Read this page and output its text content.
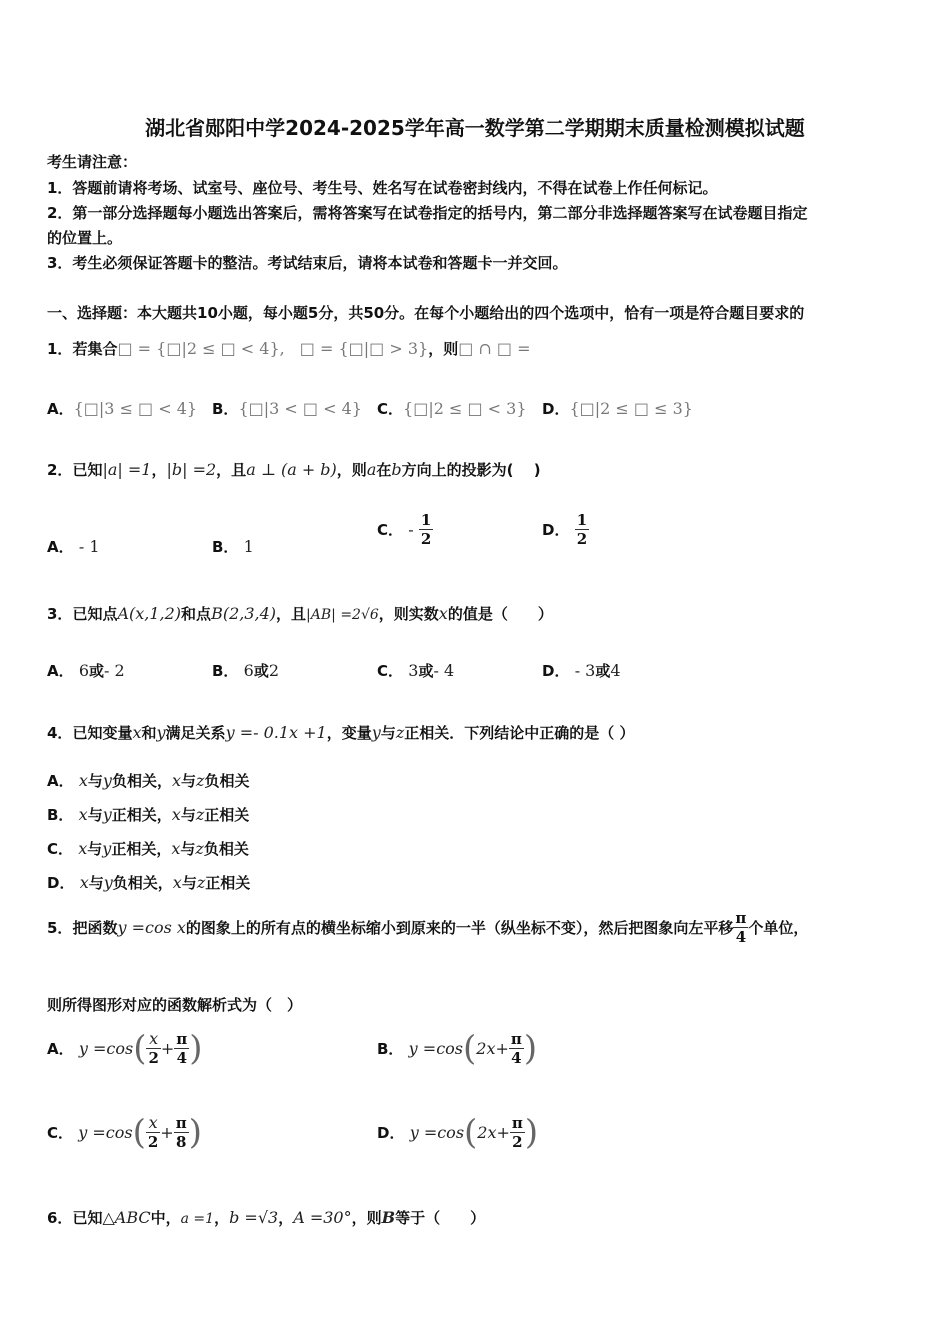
湖北省郧阳中学2024-2025学年高一数学第二学期期末质量检测模拟试题
考生请注意：
1．答题前请将考场、试室号、座位号、考生号、姓名写在试卷密封线内，不得在试卷上作任何标记。
2．第一部分选择题每小题选出答案后，需将答案写在试卷指定的括号内，第二部分非选择题答案写在试卷题目指定
的位置上。
3．考生必须保证答题卡的整洁。考试结束后，请将本试卷和答题卡一并交回。
一、选择题：本大题共10小题，每小题5分，共50分。在每个小题给出的四个选项中，恰有一项是符合题目要求的
1．若集合□ = {□|2 ≤ □ < 4},　 □ = {□|□ > 3}，则□ ∩ □ =
A．{□|3 ≤ □ < 4} B．{□|3 < □ < 4} C．{□|2 ≤ □ < 3} D．{□|2 ≤ □ ≤ 3}
2．已知|a| =1，|b| =2，且a ⊥ (a + b)，则a在b方向上的投影为(　 )
A． - 1	B． 1
C． - $\frac{1}{2}$	D． $\frac{1}{2}$
3．已知点A(x,1,2)和点B(2,3,4)，且|AB| =2√6，则实数x的值是（　　）
A． 6或- 2	B． 6或2	C． 3或- 4	D． - 3或4
4．已知变量x和y满足关系y =- 0.1x +1，变量y与z正相关．下列结论中正确的是（ ）
A． x与y负相关，x与z负相关
B． x与y正相关，x与z正相关
C． x与y正相关，x与z负相关
D． x与y负相关，x与z正相关
5．把函数y =cos x的图象上的所有点的横坐标缩小到原来的一半（纵坐标不变），然后把图象向左平移 $\frac{\pi}{4}$ 个单位，
则所得图形对应的函数解析式为（　）
A． $y =\cos( \frac{x}{2} + \frac{\pi}{4}$ )	B． $y =\cos(2x+ \frac{\pi}{4}$ )
C． $y =\cos( \frac{x}{2} + \frac{\pi}{8}$ )	D． $y =\cos(2x+ \frac{\pi}{2}$ )
6．已知△ABC中，a =1，b =√3，A =30°，则B等于（　　）
